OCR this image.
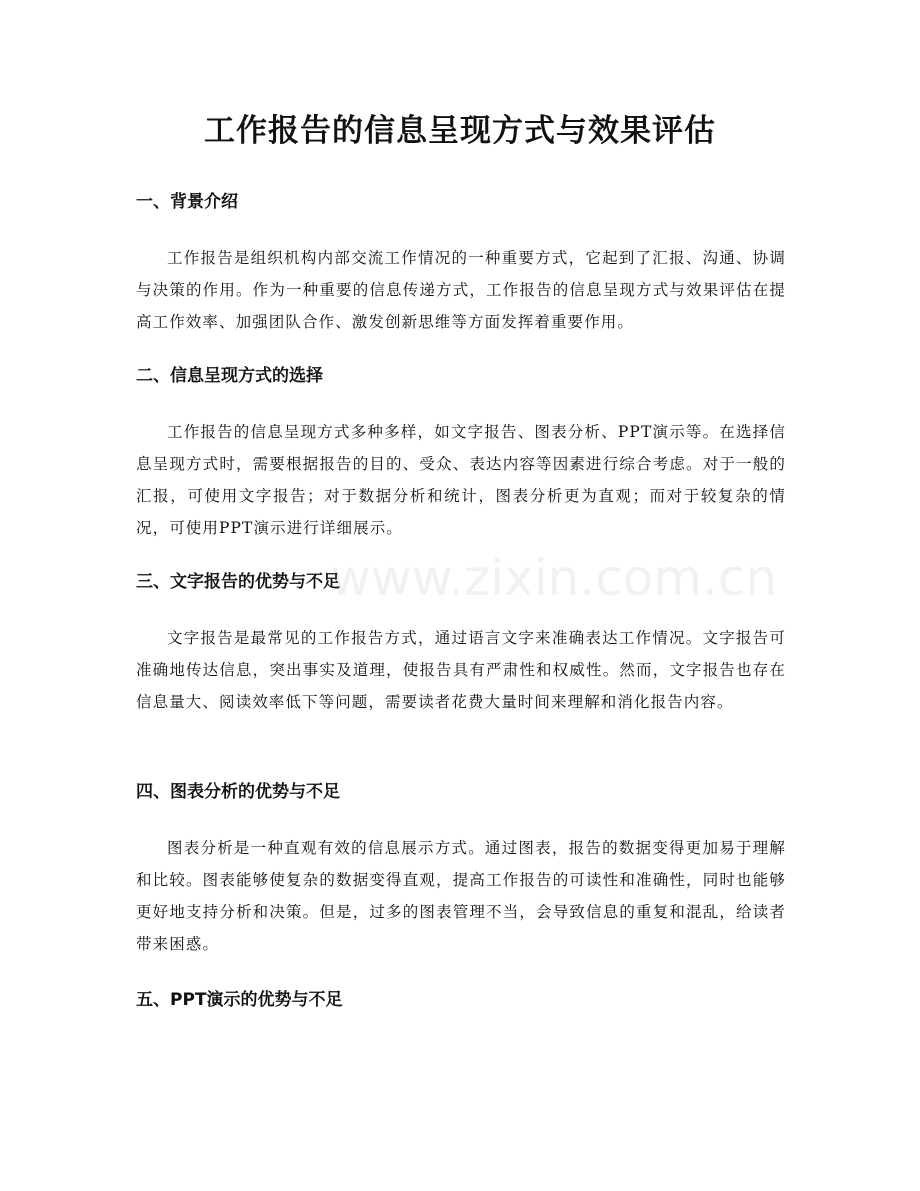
工作报告的信息呈现方式与效果评估
一、背景介绍

工作报告是组织机构内部交流工作情况的一种重要方式，它起到了汇报、沟通、协调与决策的作用。作为一种重要的信息传递方式，工作报告的信息呈现方式与效果评估在提高工作效率、加强团队合作、激发创新思维等方面发挥着重要作用。

二、信息呈现方式的选择

工作报告的信息呈现方式多种多样，如文字报告、图表分析、PPT演示等。在选择信息呈现方式时，需要根据报告的目的、受众、表达内容等因素进行综合考虑。对于一般的汇报，可使用文字报告；对于数据分析和统计，图表分析更为直观；而对于较复杂的情况，可使用PPT演示进行详细展示。

三、文字报告的优势与不足

文字报告是最常见的工作报告方式，通过语言文字来准确表达工作情况。文字报告可准确地传达信息，突出事实及道理，使报告具有严肃性和权威性。然而，文字报告也存在信息量大、阅读效率低下等问题，需要读者花费大量时间来理解和消化报告内容。

四、图表分析的优势与不足

图表分析是一种直观有效的信息展示方式。通过图表，报告的数据变得更加易于理解和比较。图表能够使复杂的数据变得直观，提高工作报告的可读性和准确性，同时也能够更好地支持分析和决策。但是，过多的图表管理不当，会导致信息的重复和混乱，给读者带来困惑。

五、PPT演示的优势与不足
www.zixin.com.cn
